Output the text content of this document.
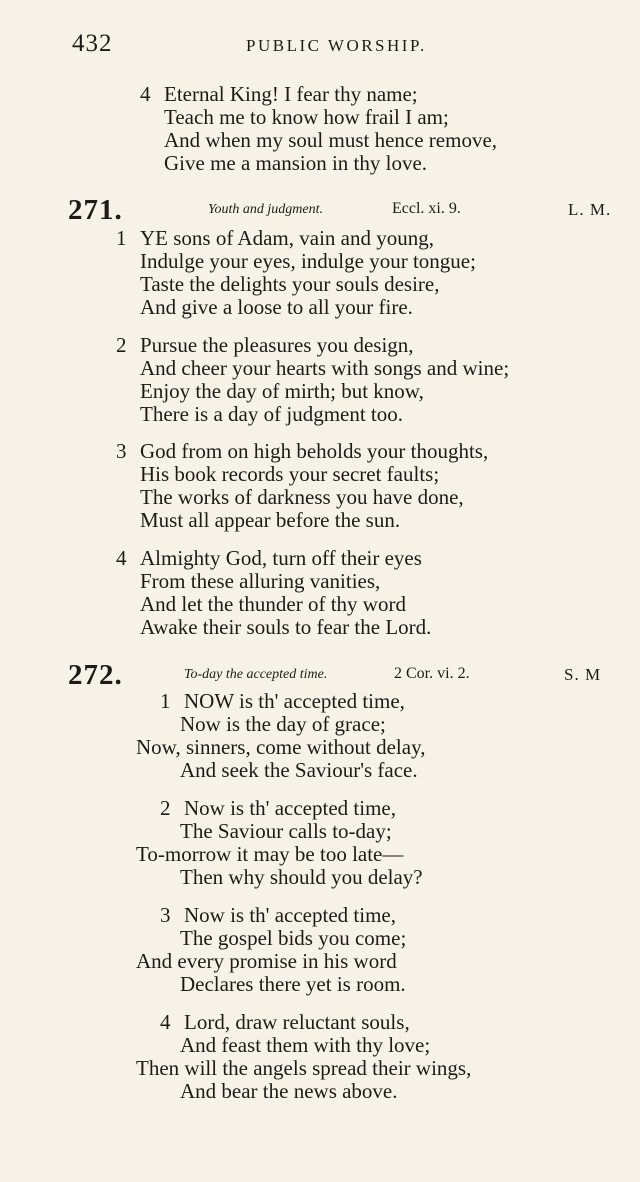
432	PUBLIC WORSHIP.
4 Eternal King! I fear thy name;
Teach me to know how frail I am;
And when my soul must hence remove,
Give me a mansion in thy love.
271.	Youth and judgment.	Eccl. xi. 9.	L. M.
1 YE sons of Adam, vain and young,
Indulge your eyes, indulge your tongue;
Taste the delights your souls desire,
And give a loose to all your fire.
2 Pursue the pleasures you design,
And cheer your hearts with songs and wine;
Enjoy the day of mirth; but know,
There is a day of judgment too.
3 God from on high beholds your thoughts,
His book records your secret faults;
The works of darkness you have done,
Must all appear before the sun.
4 Almighty God, turn off their eyes
From these alluring vanities,
And let the thunder of thy word
Awake their souls to fear the Lord.
272.	To-day the accepted time.	2 Cor. vi. 2.	S. M
1 NOW is th' accepted time,
Now is the day of grace;
Now, sinners, come without delay,
And seek the Saviour's face.
2 Now is th' accepted time,
The Saviour calls to-day;
To-morrow it may be too late—
Then why should you delay?
3 Now is th' accepted time,
The gospel bids you come;
And every promise in his word
Declares there yet is room.
4 Lord, draw reluctant souls,
And feast them with thy love;
Then will the angels spread their wings,
And bear the news above.
